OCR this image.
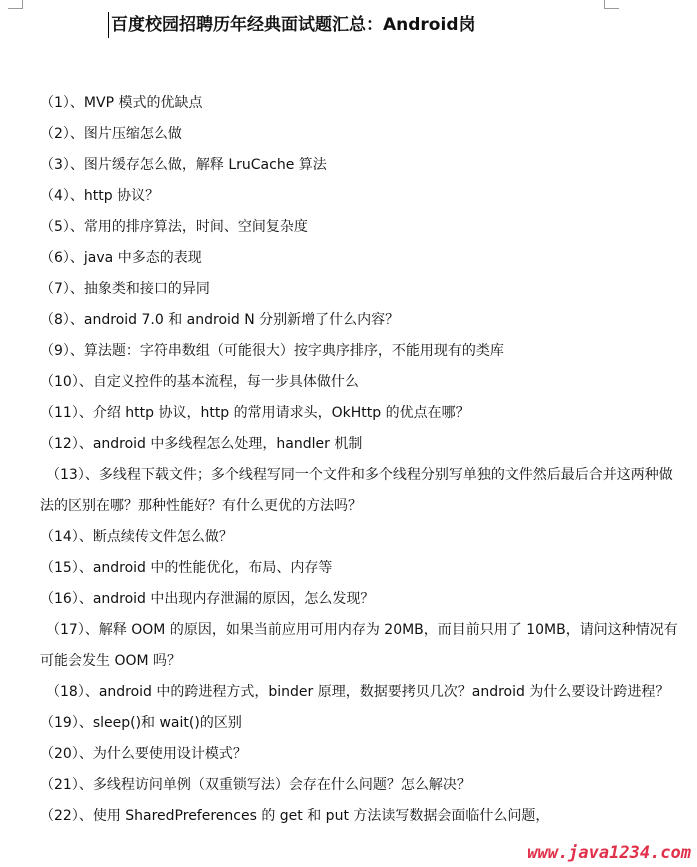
百度校园招聘历年经典面试题汇总：Android岗
（1）、MVP 模式的优缺点
（2）、图片压缩怎么做
（3）、图片缓存怎么做，解释 LruCache 算法
（4）、http 协议？
（5）、常用的排序算法，时间、空间复杂度
（6）、java 中多态的表现
（7）、抽象类和接口的异同
（8）、android 7.0 和 android N 分别新增了什么内容？
（9）、算法题：字符串数组（可能很大）按字典序排序，不能用现有的类库
（10）、自定义控件的基本流程，每一步具体做什么
（11）、介绍 http 协议，http 的常用请求头，OkHttp 的优点在哪？
（12）、android 中多线程怎么处理，handler 机制
（13）、多线程下载文件；多个线程写同一个文件和多个线程分别写单独的文件然后最后合并这两种做法的区别在哪？那种性能好？有什么更优的方法吗？
（14）、断点续传文件怎么做？
（15）、android 中的性能优化，布局、内存等
（16）、android 中出现内存泄漏的原因，怎么发现？
（17）、解释 OOM 的原因，如果当前应用可用内存为 20MB，而目前只用了 10MB，请问这种情况有可能会发生 OOM 吗？
（18）、android 中的跨进程方式，binder 原理，数据要拷贝几次？android 为什么要设计跨进程？
（19）、sleep()和 wait()的区别
（20）、为什么要使用设计模式？
（21）、多线程访问单例（双重锁写法）会存在什么问题？怎么解决？
（22）、使用 SharedPreferences 的 get 和 put 方法读写数据会面临什么问题，
www.java1234.com
